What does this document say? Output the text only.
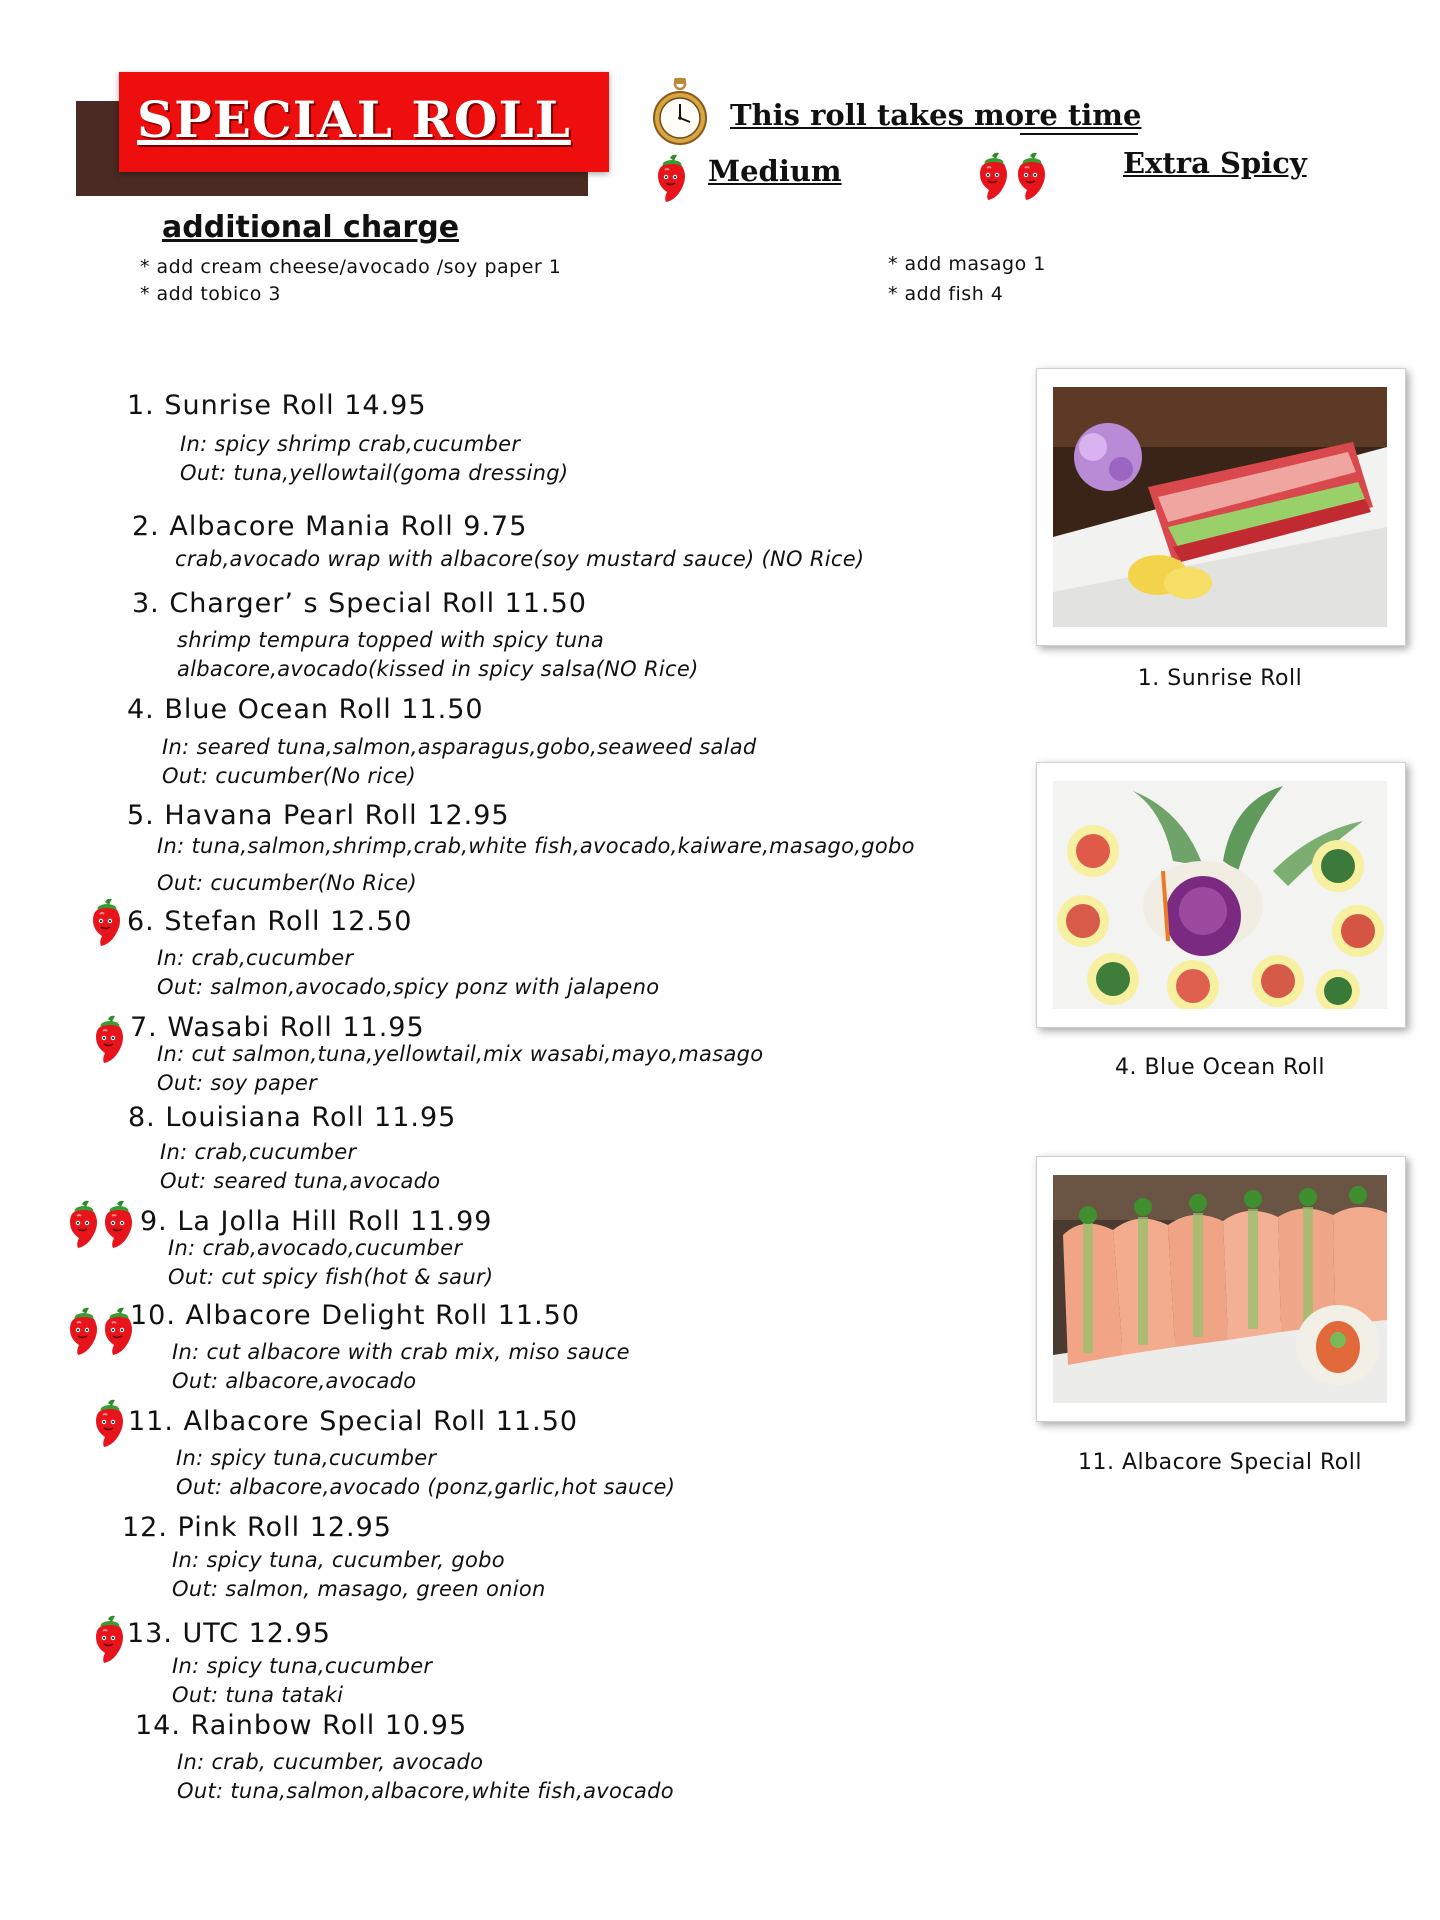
SPECIAL ROLL	This roll takes more time
Medium	Extra Spicy
additional charge
* add cream cheese/avocado /soy paper 1
* add tobico 3
* add masago 1
* add fish 4
1. Sunrise Roll 14.95
In: spicy shrimp crab,cucumber
Out: tuna,yellowtail(goma dressing)
2. Albacore Mania Roll 9.75
crab,avocado wrap with albacore(soy mustard sauce) (NO Rice)
3. Charger’ s Special Roll 11.50
shrimp tempura topped with spicy tuna
albacore,avocado(kissed in spicy salsa(NO Rice)
4. Blue Ocean Roll 11.50
In: seared tuna,salmon,asparagus,gobo,seaweed salad
Out: cucumber(No rice)
5. Havana Pearl Roll 12.95
In: tuna,salmon,shrimp,crab,white fish,avocado,kaiware,masago,gobo
Out: cucumber(No Rice)
6. Stefan Roll 12.50
In: crab,cucumber
Out: salmon,avocado,spicy ponz with jalapeno
7. Wasabi Roll 11.95
In: cut salmon,tuna,yellowtail,mix wasabi,mayo,masago
Out: soy paper
8. Louisiana Roll 11.95
In: crab,cucumber
Out: seared tuna,avocado
9. La Jolla Hill Roll 11.99
In: crab,avocado,cucumber
Out: cut spicy fish(hot & saur)
10. Albacore Delight Roll 11.50
In: cut albacore with crab mix, miso sauce
Out: albacore,avocado
11. Albacore Special Roll 11.50
In: spicy tuna,cucumber
Out: albacore,avocado (ponz,garlic,hot sauce)
12. Pink Roll 12.95
In: spicy tuna, cucumber, gobo
Out: salmon, masago, green onion
13. UTC 12.95
In: spicy tuna,cucumber
Out: tuna tataki
14. Rainbow Roll 10.95
In: crab, cucumber, avocado
Out: tuna,salmon,albacore,white fish,avocado
1. Sunrise Roll
4. Blue Ocean Roll
11. Albacore Special Roll
